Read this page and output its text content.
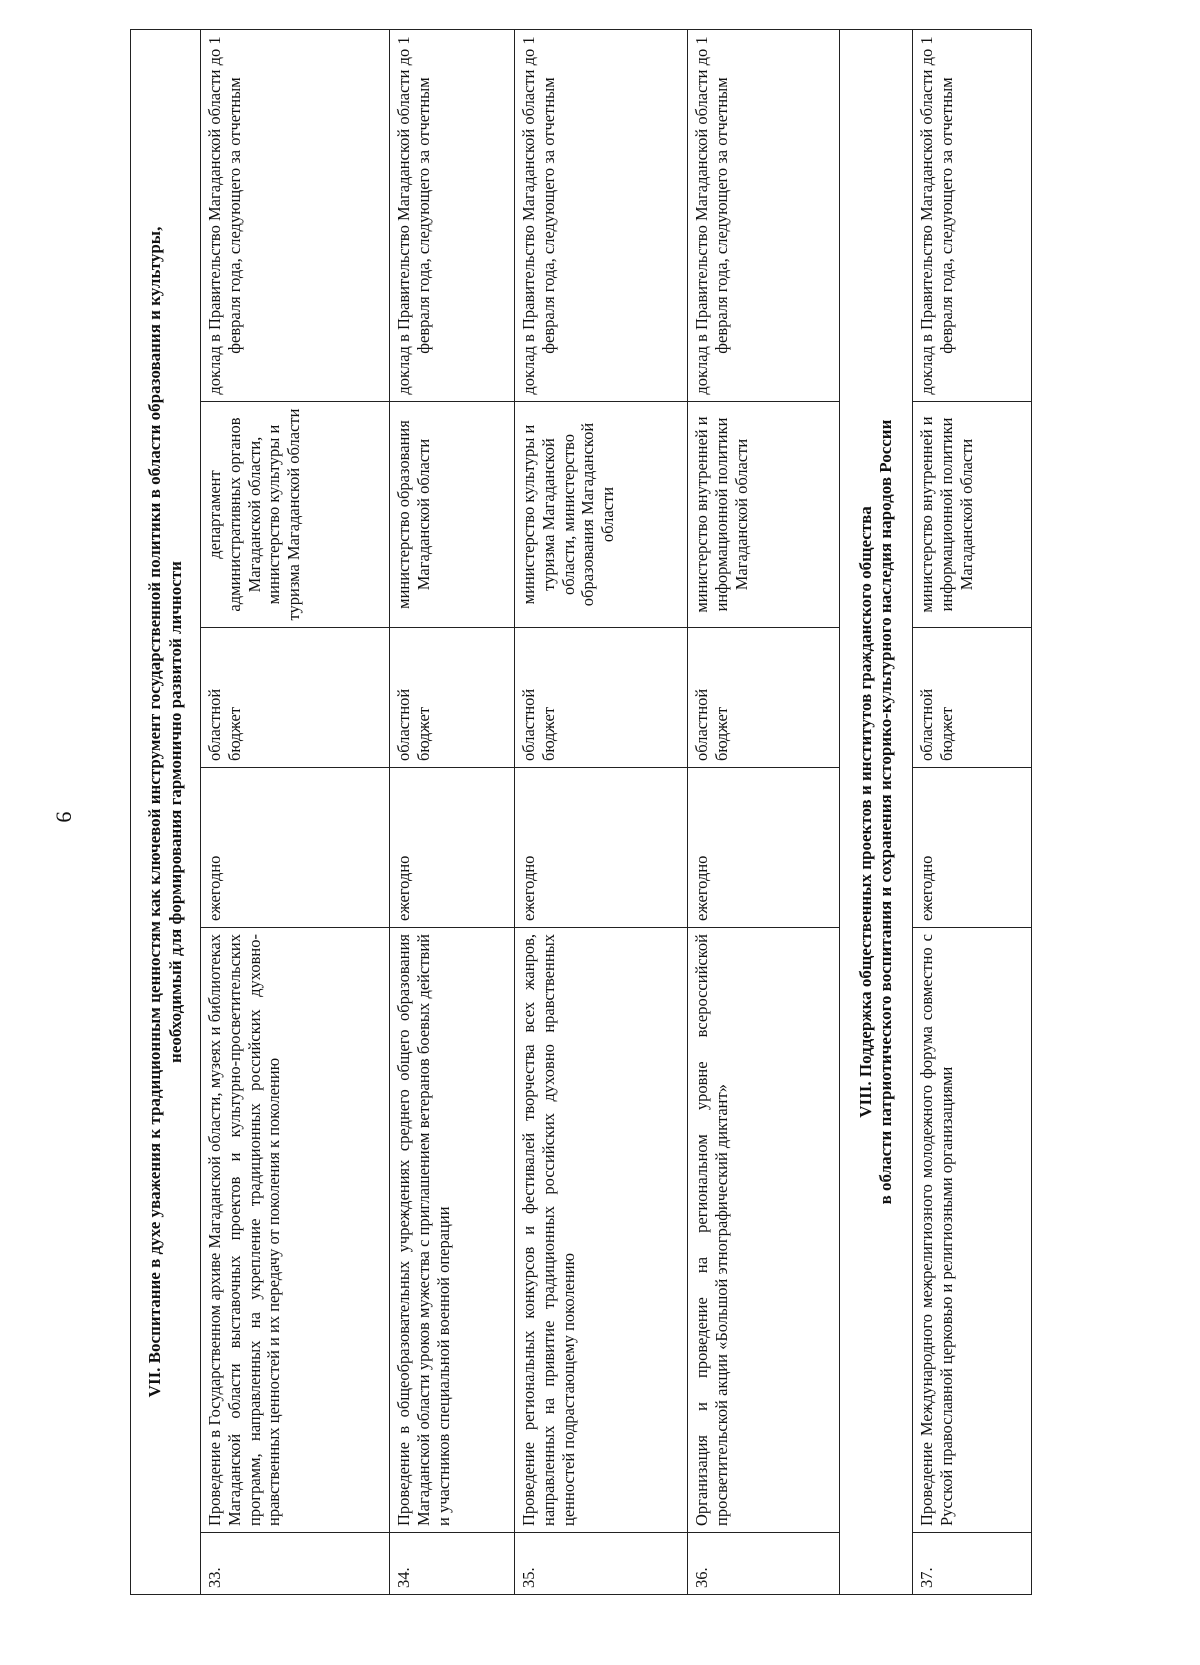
9	VII. Воспитание в духе уважения к традиционным ценностям как ключевой инструмент государственной политики в области образования и культуры, необходимый для формирования гармонично развитой личности					

33.	Проведение в Государственном архиве Магаданской области, музеях и библиотеках Магаданской области выставочных проектов и культурно-просветительских программ, направленных на укрепление традиционных российских духовно-нравственных ценностей и их передачу от поколения к поколению	ежегодно	областной бюджет	департамент административных органов Магаданской области, министерство культуры и туризма Магаданской области	доклад в Правительство Магаданской области до 1 февраля года, следующего за отчетным
34.	Проведение в общеобразовательных учреждениях среднего общего образования Магаданской области уроков мужества с приглашением ветеранов боевых действий и участников специальной военной операции	ежегодно	областной бюджет	министерство образования Магаданской области	доклад в Правительство Магаданской области до 1 февраля года, следующего за отчетным
35.	Проведение региональных конкурсов и фестивалей творчества всех жанров, направленных на привитие традиционных российских духовно нравственных ценностей подрастающему поколению	ежегодно	областной бюджет	министерство культуры и туризма Магаданской области, министерство образования Магаданской области	доклад в Правительство Магаданской области до 1 февраля года, следующего за отчетным
36.	Организация и проведение на региональном уровне всероссийской просветительской акции «Большой этнографический диктант»	ежегодно	областной бюджет	министерство внутренней и информационной политики Магаданской области	доклад в Правительство Магаданской области до 1 февраля года, следующего за отчетным

VIII. Поддержка общественных проектов и институтов гражданского общества в области патриотического воспитания и сохранения историко-культурного наследия народов России					

37.	Проведение Международного межрелигиозного молодежного форума совместно с Русской православной церковью и религиозными организациями	ежегодно	областной бюджет	министерство внутренней и информационной политики Магаданской области	доклад в Правительство Магаданской области до 1 февраля года, следующего за отчетным
